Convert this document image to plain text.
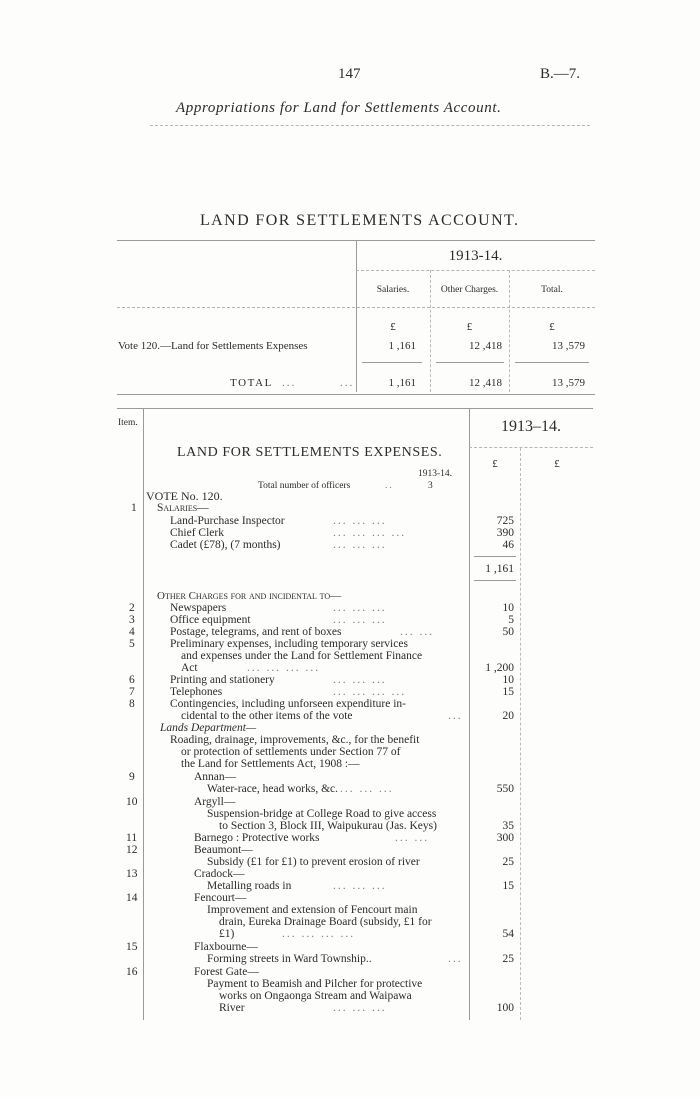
147	B.—7.
Appropriations for Land for Settlements Account.
LAND FOR SETTLEMENTS ACCOUNT.
1913-14.
Salaries.	Other Charges.	Total.
£	£	£
Vote 120.—Land for Settlements Expenses	1 ,161	12 ,418	13 ,579
TOTAL ...	...	1 ,161	12 ,418	13 ,579
Item.	1913–14.
LAND FOR SETTLEMENTS EXPENSES.
£	£
1913-14.
Total number of officers	..	3
VOTE No. 120.
1 Salaries—
Land-Purchase Inspector	... ... ...	725
Chief Clerk	... ... ... ...	390
Cadet (£78), (7 months)	... ... ...	46
1 ,161
Other Charges for and incidental to—
2	Newspapers	... ... ...	10
3	Office equipment	... ... ...	5
4	Postage, telegrams, and rent of boxes	... ...	50
5	Preliminary expenses, including temporary services
and expenses under the Land for Settlement Finance
Act	... ... ... ...	1 ,200
6	Printing and stationery	... ... ...	10
7	Telephones	... ... ... ...	15
8	Contingencies, including unforseen expenditure in-
cidental to the other items of the vote	...	20
Lands Department—
Roading, drainage, improvements, &c., for the benefit
or protection of settlements under Section 77 of
the Land for Settlements Act, 1908 :—
9	Annan—
Water-race, head works, &c. ... ... ...	550
10	Argyll—
Suspension-bridge at College Road to give access
to Section 3, Block III, Waipukurau (Jas. Keys)	35
11	Barnego : Protective works	... ...	300
12	Beaumont—
Subsidy (£1 for £1) to prevent erosion of river	25
13	Cradock—
Metalling roads in	... ... ...	15
14	Fencourt—
Improvement and extension of Fencourt main
drain, Eureka Drainage Board (subsidy, £1 for
£1)	... ... ... ...	54
15	Flaxbourne—
Forming streets in Ward Township..	...	25
16	Forest Gate—
Payment to Beamish and Pilcher for protective
works on Ongaonga Stream and Waipawa
River	... ... ...	100
